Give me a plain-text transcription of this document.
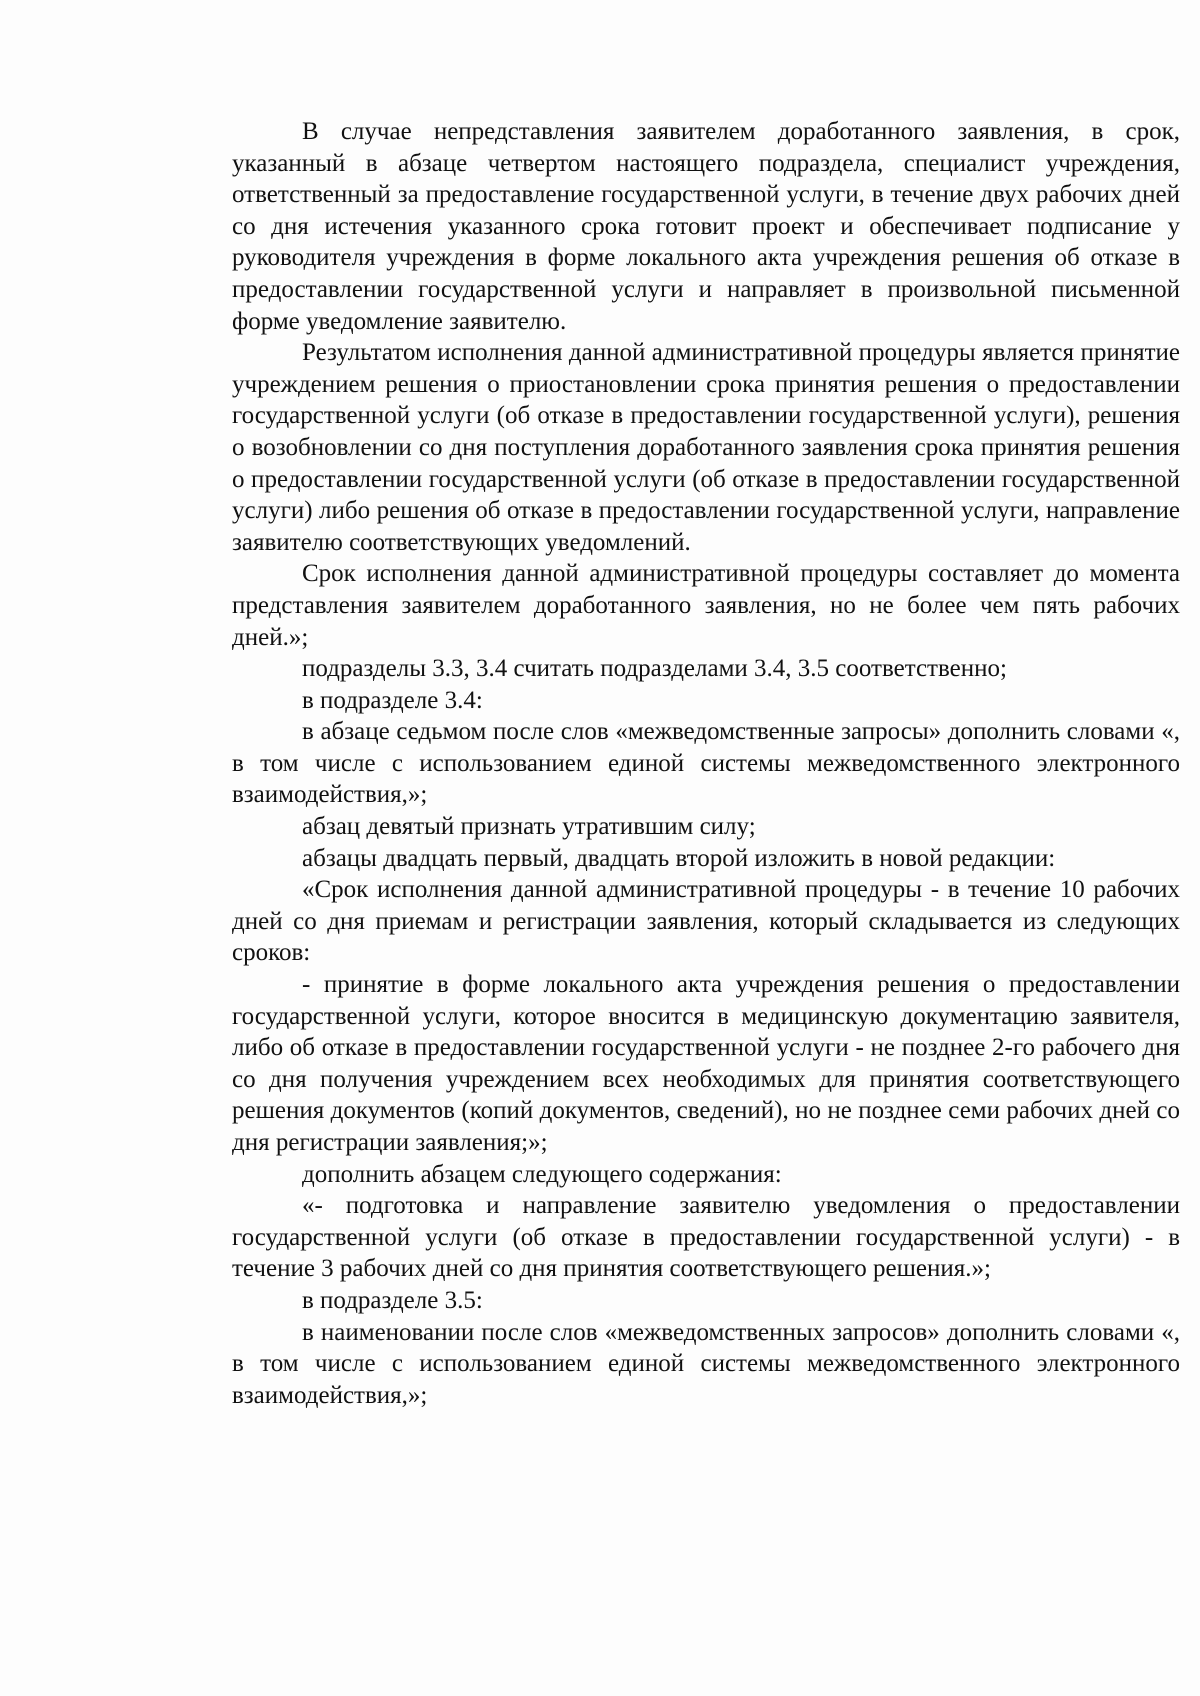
В случае непредставления заявителем доработанного заявления, в срок, указанный в абзаце четвертом настоящего подраздела, специалист учреждения, ответственный за предоставление государственной услуги, в течение двух рабочих дней со дня истечения указанного срока готовит проект и обеспечивает подписание у руководителя учреждения в форме локального акта учреждения решения об отказе в предоставлении государственной услуги и направляет в произвольной письменной форме уведомление заявителю.

Результатом исполнения данной административной процедуры является принятие учреждением решения о приостановлении срока принятия решения о предоставлении государственной услуги (об отказе в предоставлении государственной услуги), решения о возобновлении со дня поступления доработанного заявления срока принятия решения о предоставлении государственной услуги (об отказе в предоставлении государственной услуги) либо решения об отказе в предоставлении государственной услуги, направление заявителю соответствующих уведомлений.

Срок исполнения данной административной процедуры составляет до момента представления заявителем доработанного заявления, но не более чем пять рабочих дней.»;

подразделы 3.3, 3.4 считать подразделами 3.4, 3.5 соответственно;

в подразделе 3.4:

в абзаце седьмом после слов «межведомственные запросы» дополнить словами «, в том числе с использованием единой системы межведомственного электронного взаимодействия,»;

абзац девятый признать утратившим силу;

абзацы двадцать первый, двадцать второй изложить в новой редакции:

«Срок исполнения данной административной процедуры - в течение 10 рабочих дней со дня приемам и регистрации заявления, который складывается из следующих сроков:

- принятие в форме локального акта учреждения решения о предоставлении государственной услуги, которое вносится в медицинскую документацию заявителя, либо об отказе в предоставлении государственной услуги - не позднее 2-го рабочего дня со дня получения учреждением всех необходимых для принятия соответствующего решения документов (копий документов, сведений), но не позднее семи рабочих дней со дня регистрации заявления;»;

дополнить абзацем следующего содержания:

«- подготовка и направление заявителю уведомления о предоставлении государственной услуги (об отказе в предоставлении государственной услуги) - в течение 3 рабочих дней со дня принятия соответствующего решения.»;

в подразделе 3.5:

в наименовании после слов «межведомственных запросов» дополнить словами «, в том числе с использованием единой системы межведомственного электронного взаимодействия,»;
